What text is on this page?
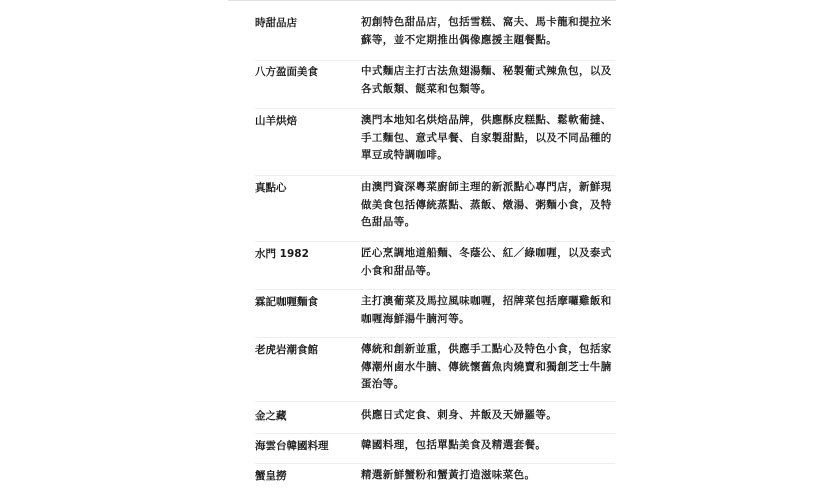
時甜品店	初創特色甜品店，包括雪糕、窩夫、馬卡龍和提拉米蘇等，並不定期推出偶像應援主題餐點。
八方盈面美食	中式麵店主打古法魚翅湯麵、秘製葡式辣魚包，以及各式飯類、餸菜和包類等。
山羊烘焙	澳門本地知名烘焙品牌，供應酥皮糕點、鬆軟葡撻、手工麵包、意式早餐、自家製甜點，以及不同品種的單豆或特調咖啡。
真點心	由澳門資深粵菜廚師主理的新派點心專門店，新鮮現做美食包括傳統蒸點、蒸飯、燉湯、粥麵小食，及特色甜品等。
水門 1982	匠心烹調地道船麵、冬蔭公、紅／綠咖喱，以及泰式小食和甜品等。
霖記咖喱麵食	主打澳葡菜及馬拉風味咖喱，招牌菜包括摩囉雞飯和咖喱海鮮湯牛腩河等。
老虎岩潮食館	傳統和創新並重，供應手工點心及特色小食，包括家傳潮州鹵水牛腩、傳統懷舊魚肉燒賣和獨創芝士牛腩蛋治等。
金之藏	供應日式定食、刺身、丼飯及天婦羅等。
海雲台韓國料理	韓國料理，包括單點美食及精選套餐。
蟹皇撈	精選新鮮蟹粉和蟹黃打造滋味菜色。
